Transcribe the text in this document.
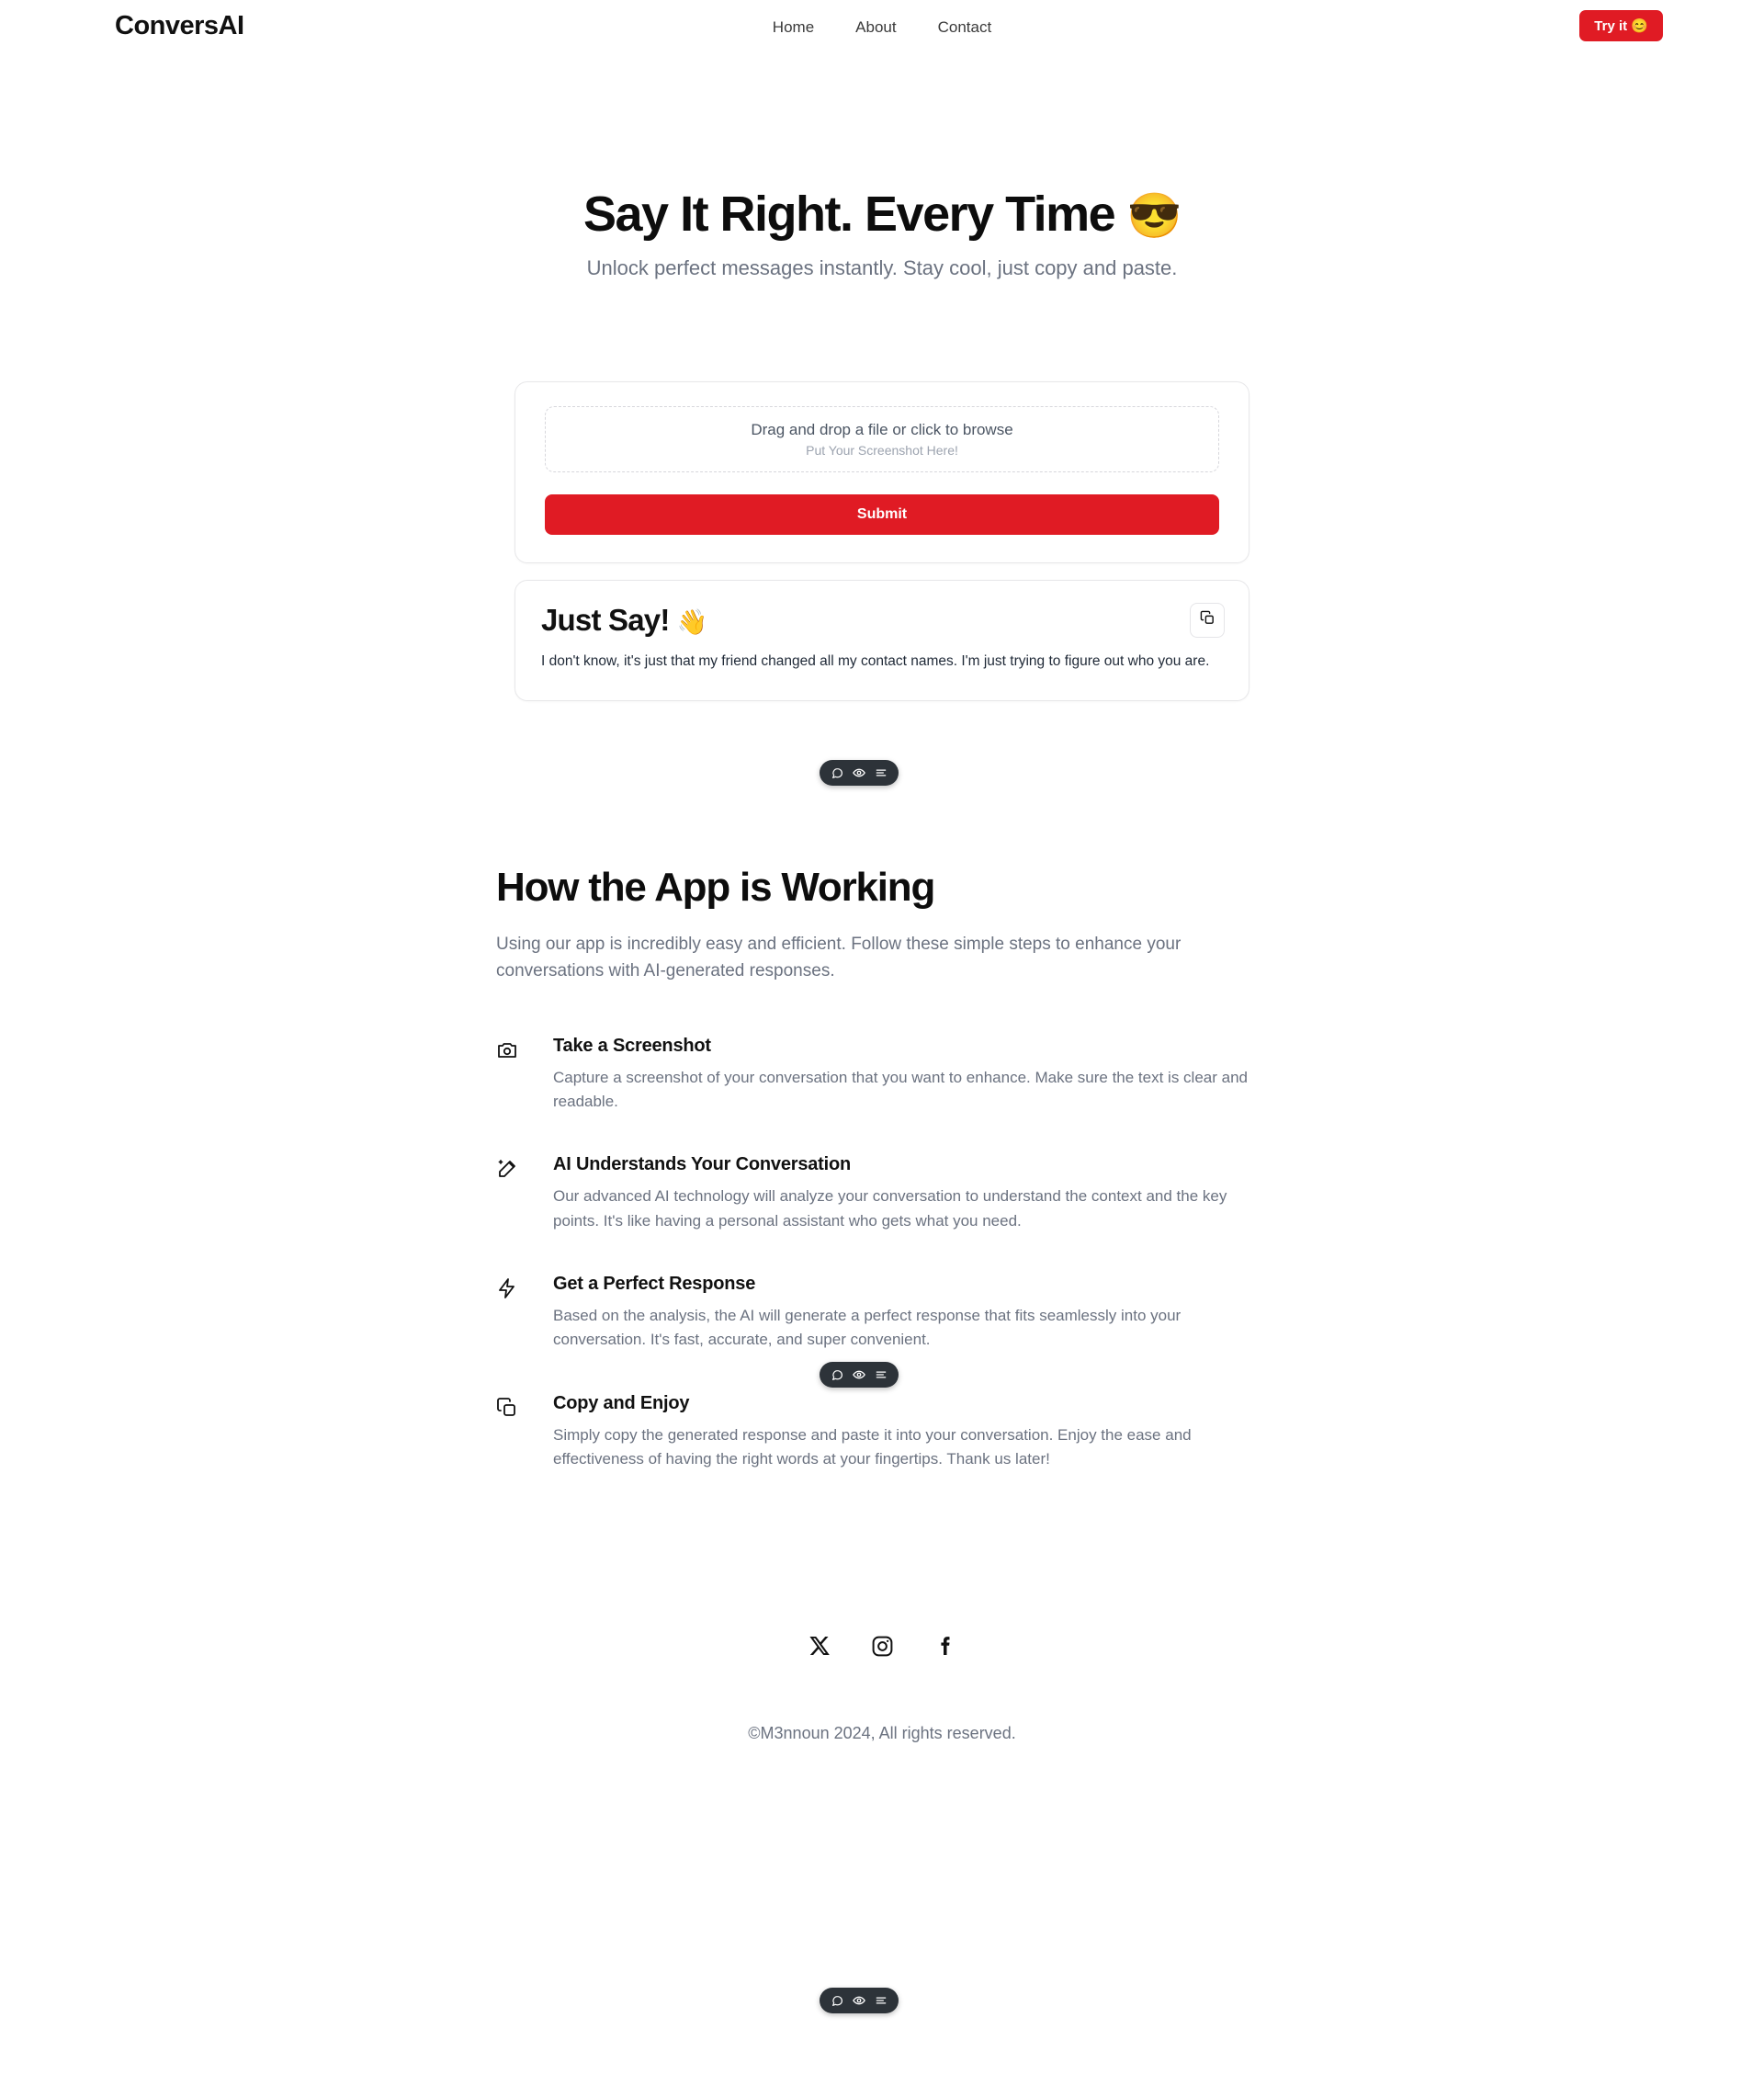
ConversAI	Home	About	Contact	Try it 😊
Say It Right. Every Time 😎

Unlock perfect messages instantly. Stay cool, just copy and paste.

Drag and drop a file or click to browse
Put Your Screenshot Here!
Submit
Just Say! 👋
I don't know, it's just that my friend changed all my contact names. I'm just trying to figure out who you are.
How the App is Working

Using our app is incredibly easy and efficient. Follow these simple steps to enhance your conversations with AI-generated responses.

Take a Screenshot
Capture a screenshot of your conversation that you want to enhance. Make sure the text is clear and readable.
AI Understands Your Conversation
Our advanced AI technology will analyze your conversation to understand the context and the key points. It's like having a personal assistant who gets what you need.
Get a Perfect Response
Based on the analysis, the AI will generate a perfect response that fits seamlessly into your conversation. It's fast, accurate, and super convenient.
Copy and Enjoy
Simply copy the generated response and paste it into your conversation. Enjoy the ease and effectiveness of having the right words at your fingertips. Thank us later!
©M3nnoun 2024, All rights reserved.
